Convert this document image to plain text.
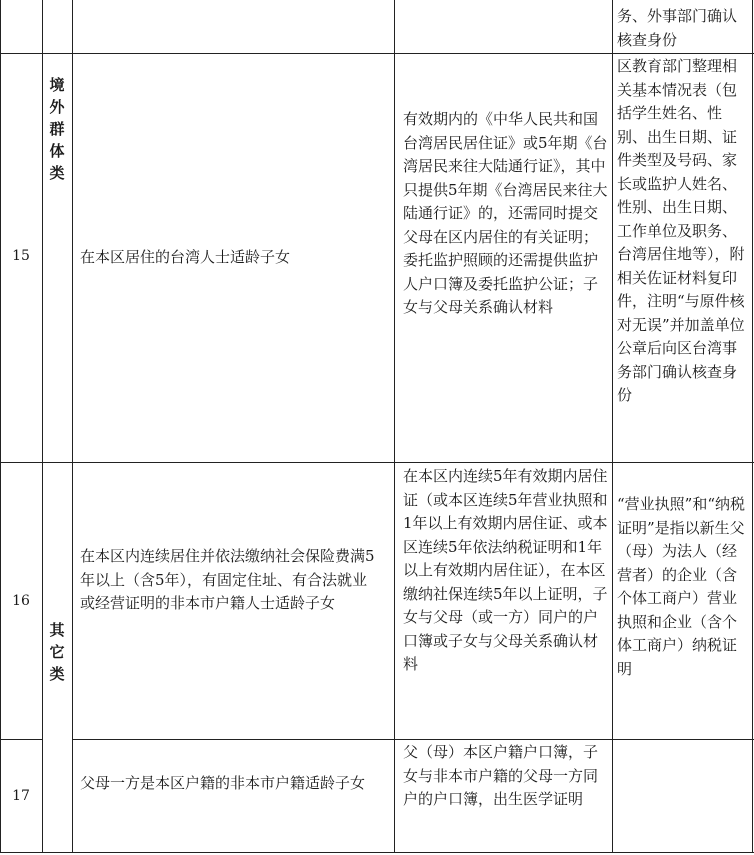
务、外事部门确认核查身份
境外群体类
其它类
15	在本区居住的台湾人士适龄子女
有效期内的《中华人民共和国台湾居民居住证》或5年期《台湾居民来往大陆通行证》，其中只提供5年期《台湾居民来往大陆通行证》的，还需同时提交父母在区内居住的有关证明；委托监护照顾的还需提供监护人户口簿及委托监护公证；子女与父母关系确认材料
区教育部门整理相关基本情况表（包括学生姓名、性别、出生日期、证件类型及号码、家长或监护人姓名、性别、出生日期、工作单位及职务、台湾居住地等），附相关佐证材料复印件，注明“与原件核对无误”并加盖单位公章后向区台湾事务部门确认核查身份
16
在本区内连续居住并依法缴纳社会保险费满5年以上（含5年），有固定住址、有合法就业或经营证明的非本市户籍人士适龄子女
在本区内连续5年有效期内居住证（或本区连续5年营业执照和1年以上有效期内居住证、或本区连续5年依法纳税证明和1年以上有效期内居住证），在本区缴纳社保连续5年以上证明，子女与父母（或一方）同户的户口簿或子女与父母关系确认材料
“营业执照”和“纳税证明”是指以新生父（母）为法人（经营者）的企业（含个体工商户）营业执照和企业（含个体工商户）纳税证明
17
父母一方是本区户籍的非本市户籍适龄子女
父（母）本区户籍户口簿，子女与非本市户籍的父母一方同户的户口簿，出生医学证明
